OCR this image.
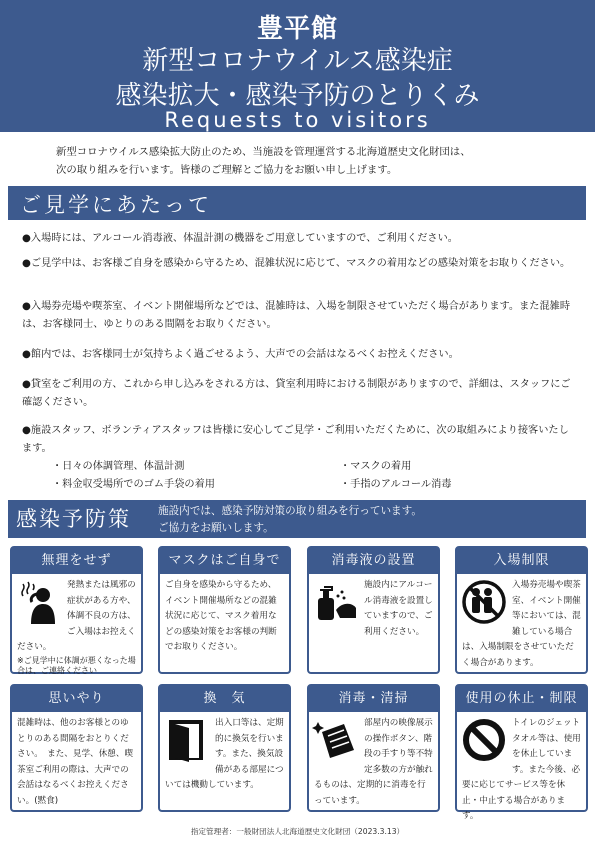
豊平館
新型コロナウイルス感染症
感染拡大・感染予防のとりくみ
Requests to visitors

新型コロナウイルス感染拡大防止のため、当施設を管理運営する北海道歴史文化財団は、

次の取り組みを行います。皆様のご理解とご協力をお願い申し上げます。

ご見学にあたって
●入場時には、アルコール消毒液、体温計測の機器をご用意していますので、ご利用ください。
●ご見学中は、お客様ご自身を感染から守るため、混雑状況に応じて、マスクの着用などの感染対策をお取りください。
●入場券売場や喫茶室、イベント開催場所などでは、混雑時は、入場を制限させていただく場合があります。また混雑時は、お客様同士、ゆとりのある間隔をお取りください。
●館内では、お客様同士が気持ちよく過ごせるよう、大声での会話はなるべくお控えください。
●貸室をご利用の方、これから申し込みをされる方は、貸室利用時における制限がありますので、詳細は、スタッフにご確認ください。
●施設スタッフ、ボランティアスタッフは皆様に安心してご見学・ご利用いただくために、次の取組みにより接客いたします。
・日々の体調管理、体温計測	・マスクの着用
・料金収受場所でのゴム手袋の着用	・手指のアルコール消毒
感染予防策	施設内では、感染予防対策の取り組みを行っています。
ご協力をお願いします。
無理をせず
発熱または風邪の症状がある方や、体調不良の方は、ご入場はお控えください。
※ご見学中に体調が悪くなった場合は、ご連絡ください
マスクはご自身で
ご自身を感染から守るため、イベント開催場所などの混雑状況に応じて、マスク着用などの感染対策をお客様の判断でお取りください。
消毒液の設置
施設内にアルコール消毒液を設置していますので、ご利用ください。
入場制限
入場券売場や喫茶室、イベント開催等においては、混雑している場合は、入場制限をさせていただく場合があります。
思いやり
混雑時は、他のお客様とのゆとりのある間隔をおとりください。　また、見学、休憩、喫茶室ご利用の際は、大声での会話はなるべくお控えください。(黙食)
換　気
出入口等は、定期的に換気を行います。また、換気設備がある部屋については機動しています。
消毒・清掃
部屋内の映像展示の操作ボタン、階段の手すり等不特定多数の方が触れるものは、定期的に消毒を行っています。
使用の休止・制限
トイレのジェットタオル等は、使用を休止しています。また今後、必要に応じてサービス等を休止・中止する場合があります。
指定管理者：一般財団法人北海道歴史文化財団（2023.3.13）
